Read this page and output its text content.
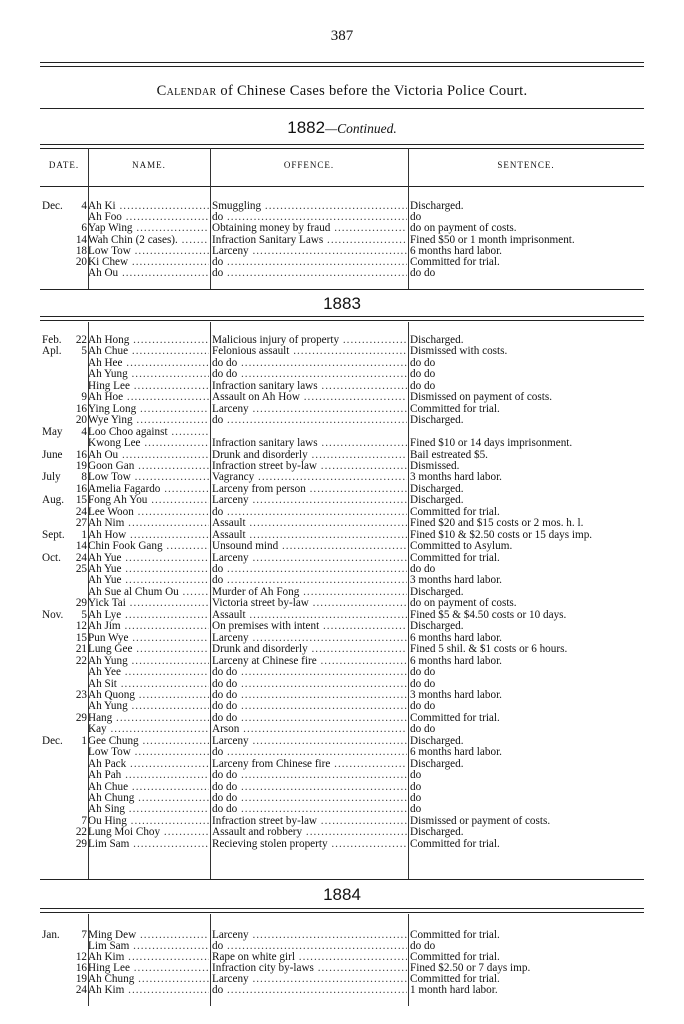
387
Calendar of Chinese Cases before the Victoria Police Court.
1882—Continued.
DATE.	NAME.	OFFENCE.	SENTENCE.
Dec. 4 Ah Ki .....	Smuggling .....	Discharged.
Ah Foo .....	do .....	do
6 Yap Wing .....	Obtaining money by fraud .....	do on payment of costs.
14 Wah Chin (2 cases). .....	Infraction Sanitary Laws .....	Fined $50 or 1 month imprisonment.
18 Low Tow .....	Larceny .....	6 months hard labor.
20 Ki Chew .....	do .....	Committed for trial.
Ah Ou .....	do .....	do do
1883
Feb. 22 Ah Hong .....	Malicious injury of property .....	Discharged.
Apl. 5 Ah Chue .....	Felonious assault .....	Dismissed with costs.
Ah Hee .....	do do .....	do do
Ah Yung .....	do do .....	do do
Hing Lee .....	Infraction sanitary laws .....	do do
9 Ah Hoe .....	Assault on Ah How .....	Dismissed on payment of costs.
16 Ying Long .....	Larceny .....	Committed for trial.
20 Wye Ying .....	do .....	Discharged.
May 4 Loo Choo against .....
Kwong Lee .....	Infraction sanitary laws .....	Fined $10 or 14 days imprisonment.
June 16 Ah Ou .....	Drunk and disorderly .....	Bail estreated $5.
19 Goon Gan .....	Infraction street by-law .....	Dismissed.
July 8 Low Tow .....	Vagrancy .....	3 months hard labor.
16 Amelia Fagardo .....	Larceny from person .....	Discharged.
Aug. 15 Fong Ah You .....	Larceny .....	Discharged.
24 Lee Woon .....	do .....	Committed for trial.
27 Ah Nim .....	Assault .....	Fined $20 and $15 costs or 2 mos. h. l.
Sept. 1 Ah How .....	Assault .....	Fined $10 & $2.50 costs or 15 days imp.
14 Chin Fook Gang .....	Unsound mind .....	Committed to Asylum.
Oct. 24 Ah Yue .....	Larceny .....	Committed for trial.
25 Ah Yue .....	do .....	do do
Ah Yue .....	do .....	3 months hard labor.
Ah Sue al Chum Ou .....	Murder of Ah Fong .....	Discharged.
29 Yick Tai .....	Victoria street by-law .....	do on payment of costs.
Nov. 5 Ah Lye .....	Assault .....	Fined $5 & $4.50 costs or 10 days.
12 Ah Jim .....	On premises with intent .....	Discharged.
15 Pun Wye .....	Larceny .....	6 months hard labor.
21 Lung Gee .....	Drunk and disorderly .....	Fined 5 shil. & $1 costs or 6 hours.
22 Ah Yung .....	Larceny at Chinese fire .....	6 months hard labor.
Ah Yee .....	do do .....	do do
Ah Sit .....	do do .....	do do
23 Ah Quong .....	do do .....	3 months hard labor.
Ah Yung .....	do do .....	do do
29 Hang .....	do do .....	Committed for trial.
Kay .....	Arson .....	do do
Dec. 1 Gee Chung .....	Larceny .....	Discharged.
Low Tow .....	do .....	6 months hard labor.
Ah Pack .....	Larceny from Chinese fire .....	Discharged.
Ah Pah .....	do do .....	do
Ah Chue .....	do do .....	do
Ah Chung .....	do do .....	do
Ah Sing .....	do do .....	do
7 Ou Hing .....	Infraction street by-law .....	Dismissed or payment of costs.
22 Lung Moi Choy .....	Assault and robbery .....	Discharged.
29 Lim Sam .....	Recieving stolen property .....	Committed for trial.
1884
Jan. 7 Ming Dew .....	Larceny .....	Committed for trial.
Lim Sam .....	do .....	do do
12 Ah Kim .....	Rape on white girl .....	Committed for trial.
16 Hing Lee .....	Infraction city by-laws .....	Fined $2.50 or 7 days imp.
19 Ah Chung .....	Larceny .....	Committed for trial.
24 Ah Kim .....	do .....	1 month hard labor.
